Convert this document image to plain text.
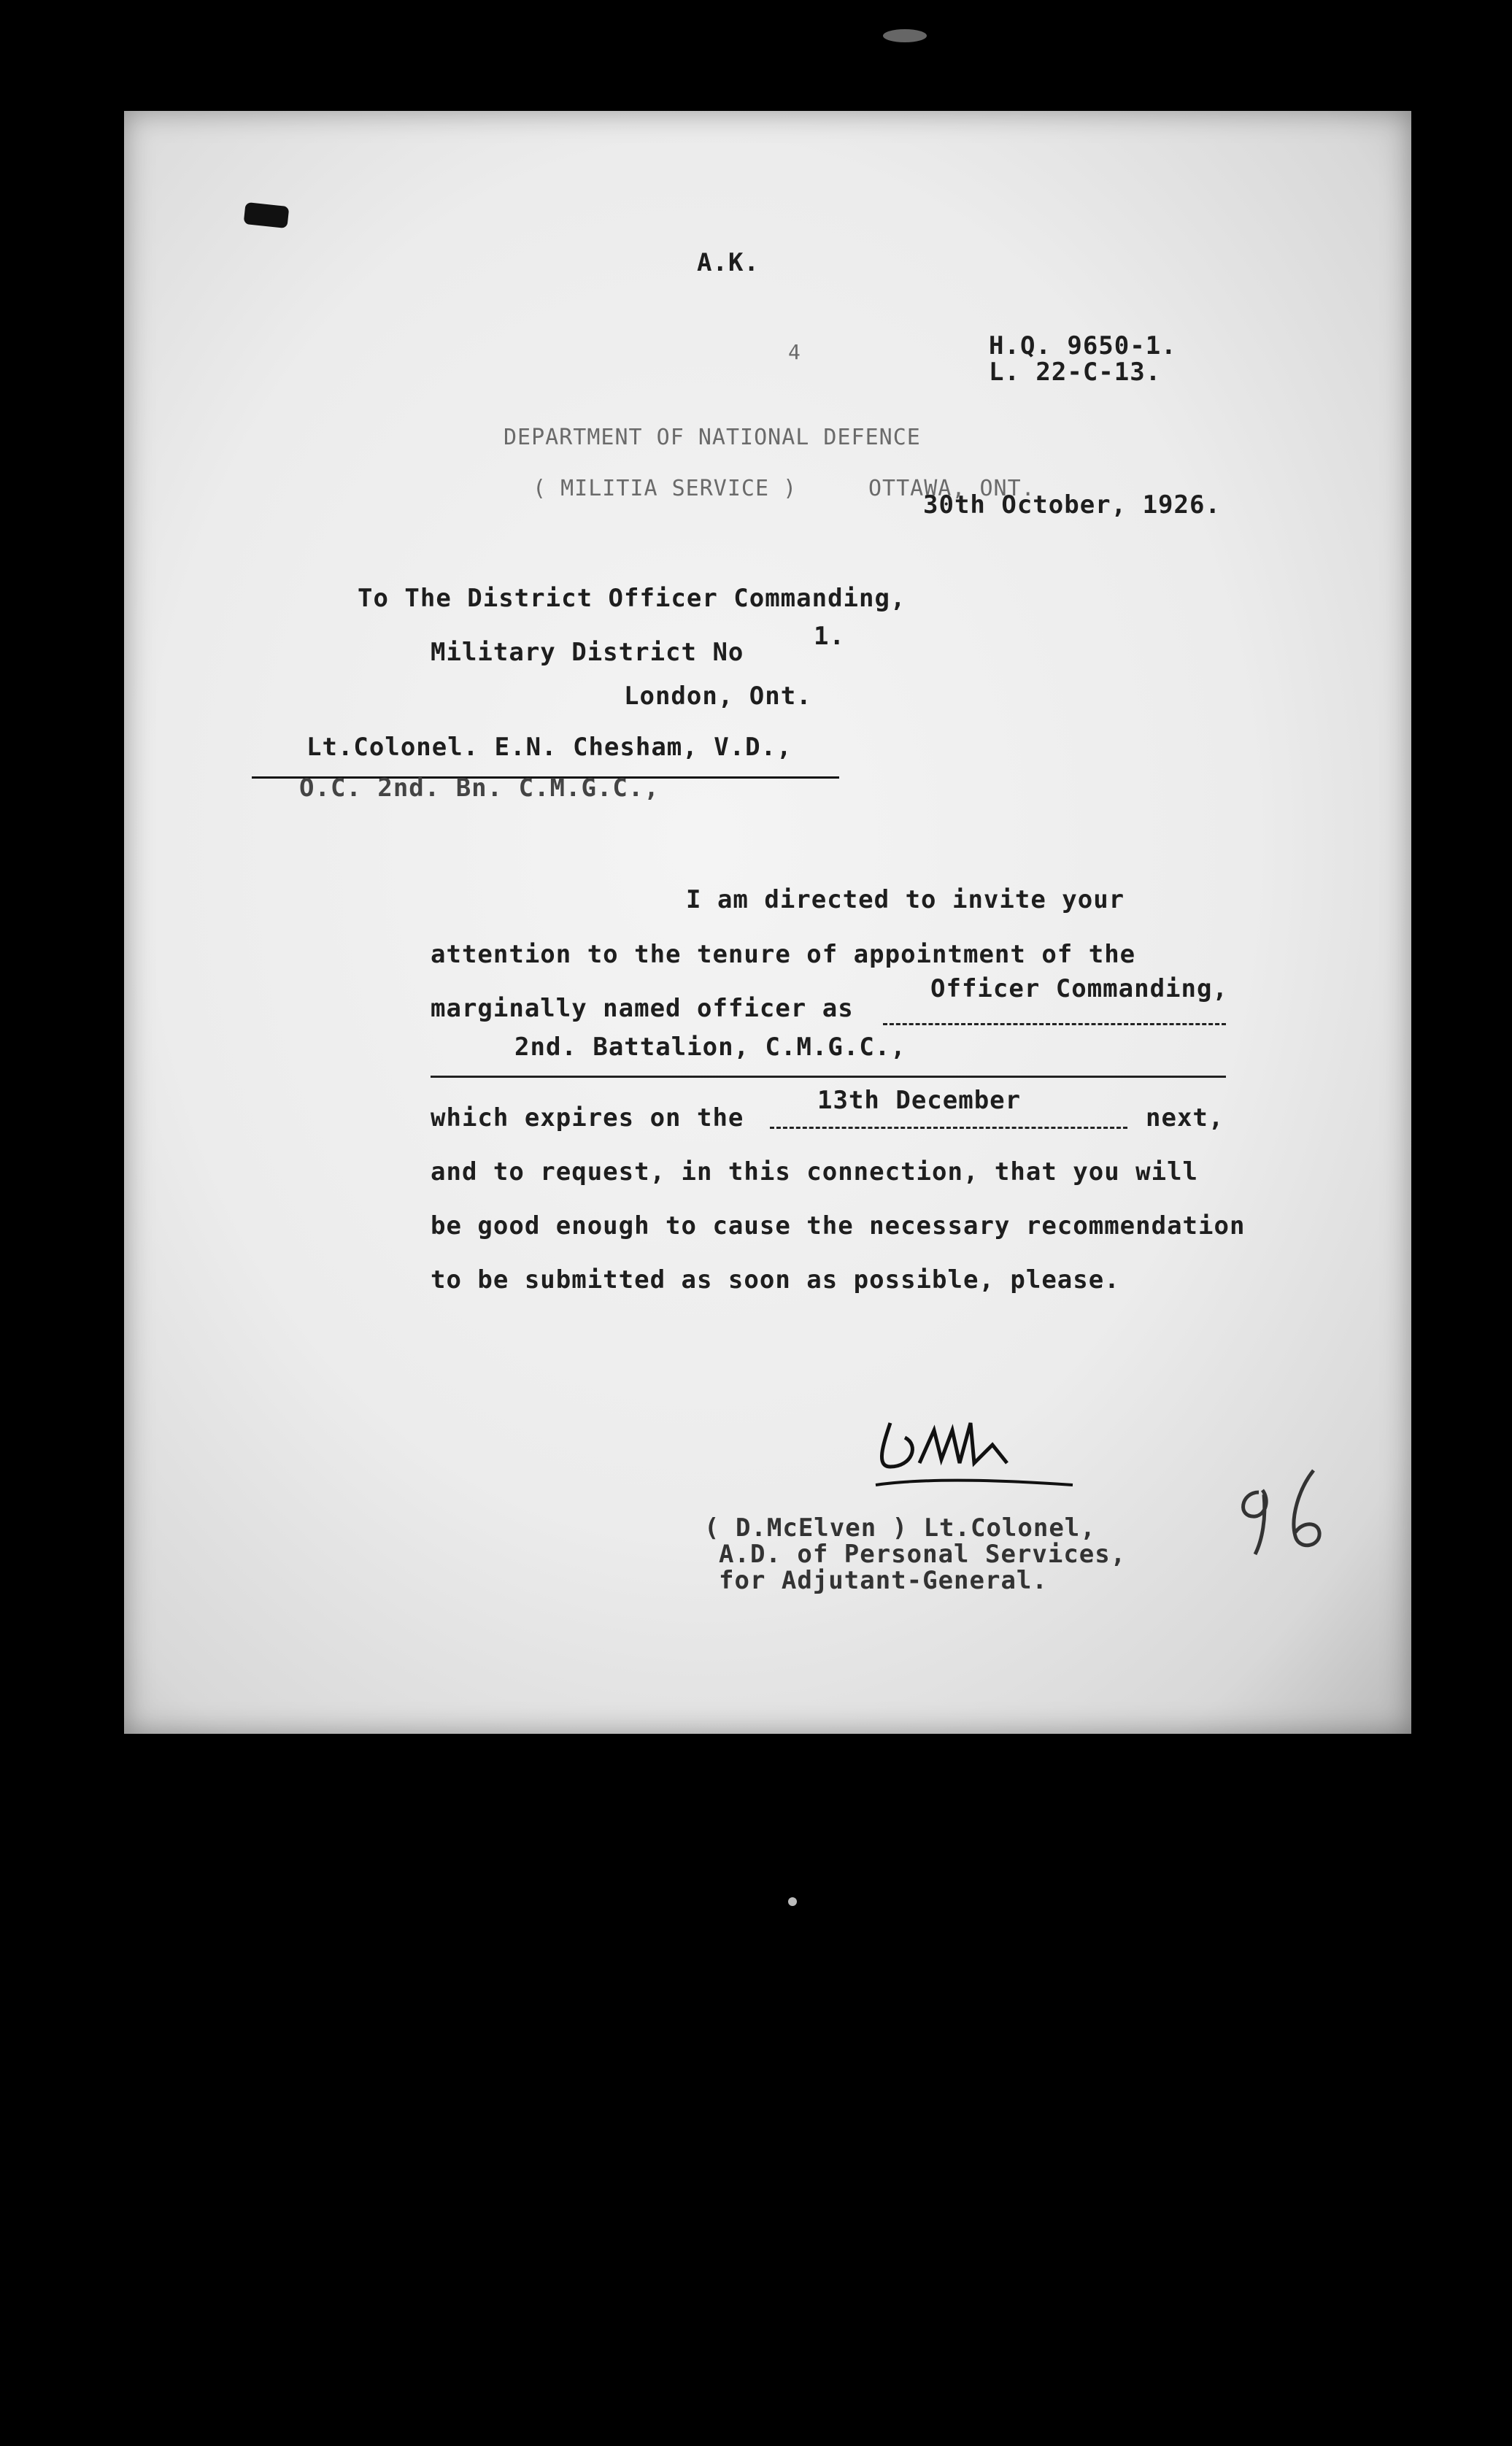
A.K.
4	H.Q. 9650-1.
L. 22-C-13.
DEPARTMENT OF NATIONAL DEFENCE
( MILITIA SERVICE )	OTTAWA, ONT.
30th October, 1926.
To The District Officer Commanding,
Military District No
1.
London, Ont.
Lt.Colonel. E.N. Chesham, V.D.,
O.C. 2nd. Bn. C.M.G.C.,
I am directed to invite your
attention to the tenure of appointment of the
marginally named officer as
Officer Commanding,
2nd. Battalion, C.M.G.C.,
which expires on the
13th December
next,
and to request, in this connection, that you will
be good enough to cause the necessary recommendation
to be submitted as soon as possible, please.
( D.McElven ) Lt.Colonel,
A.D. of Personal Services,
for Adjutant-General.
